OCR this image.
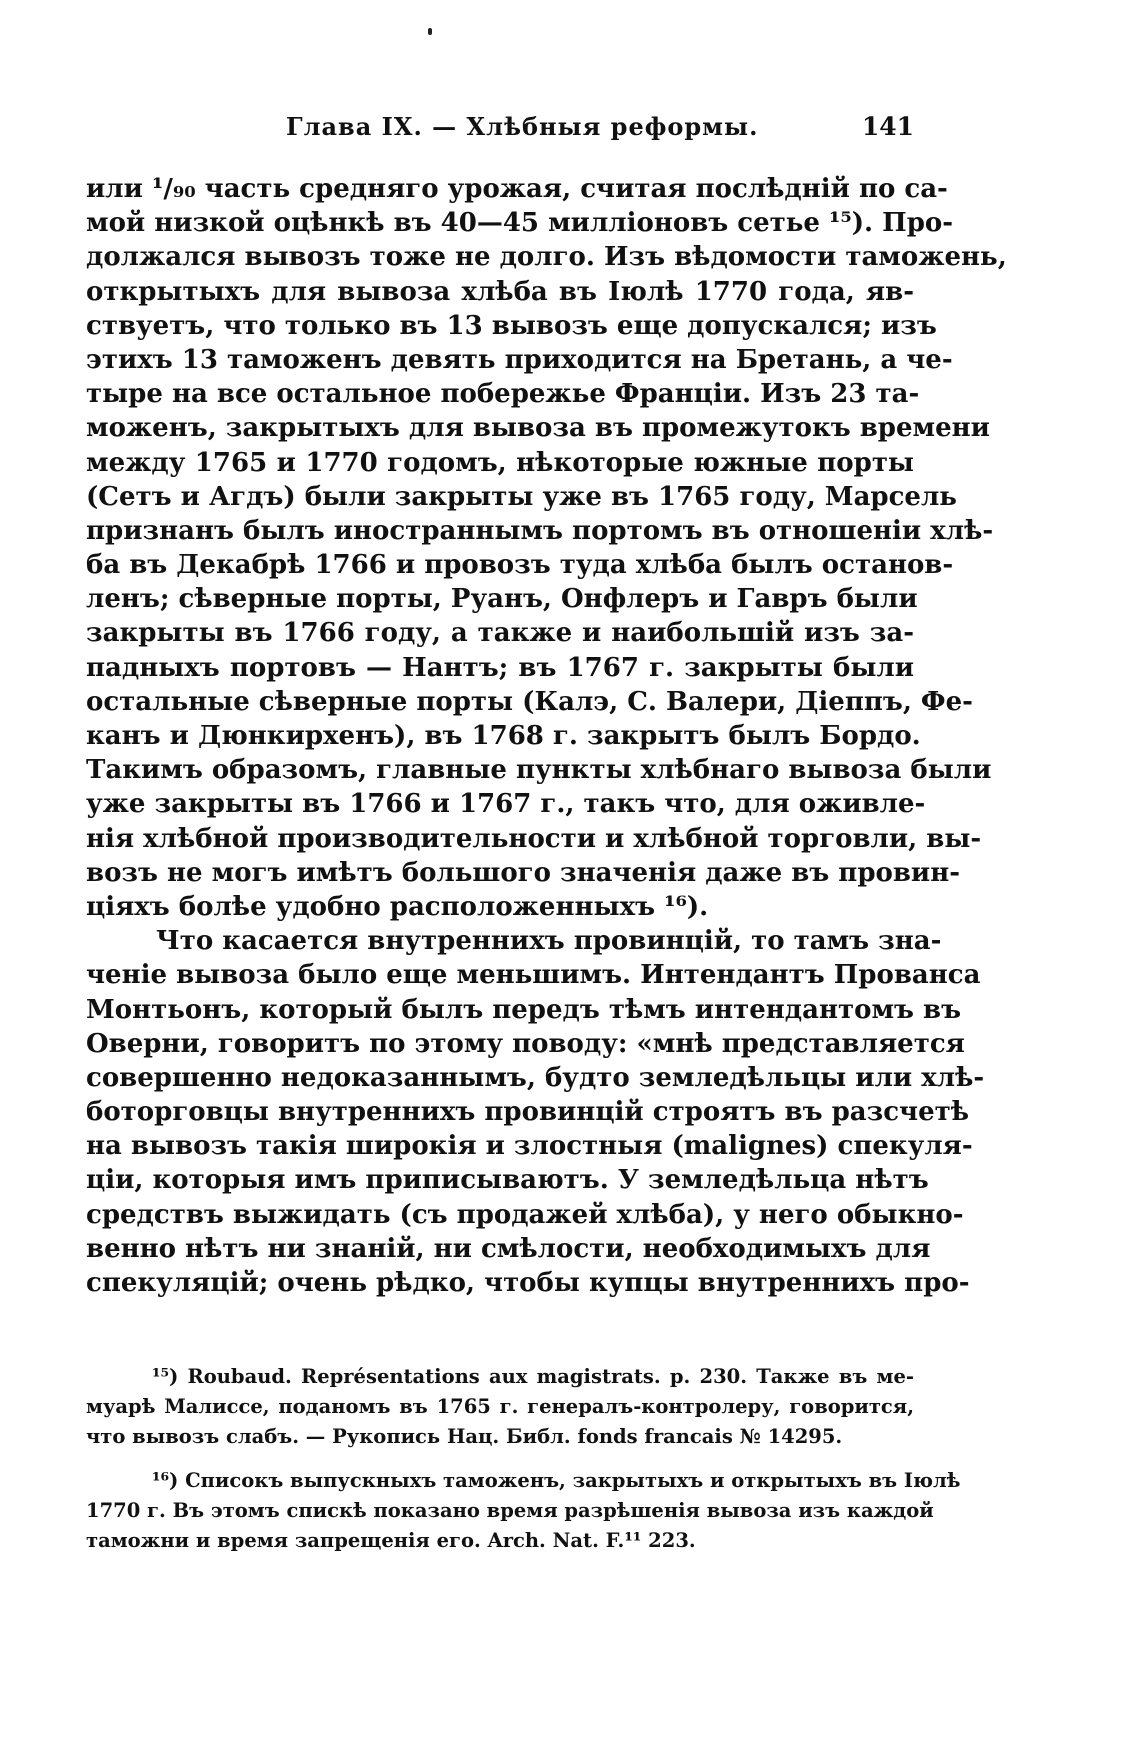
Глава IX. — Хлѣбныя реформы.	141
или ¹/₉₀ часть средняго урожая, считая послѣдній по са-
мой низкой оцѣнкѣ въ 40—45 милліоновъ сетье ¹⁵). Про-
должался вывозъ тоже не долго. Изъ вѣдомости таможень,
открытыхъ для вывоза хлѣба въ Іюлѣ 1770 года, яв-
ствуетъ, что только въ 13 вывозъ еще допускался; изъ
этихъ 13 таможенъ девять приходится на Бретань, а че-
тыре на все остальное побережье Франціи. Изъ 23 та-
моженъ, закрытыхъ для вывоза въ промежутокъ времени
между 1765 и 1770 годомъ, нѣкоторые южные порты
(Сетъ и Агдъ) были закрыты уже въ 1765 году, Марсель
признанъ былъ иностраннымъ портомъ въ отношеніи хлѣ-
ба въ Декабрѣ 1766 и провозъ туда хлѣба былъ останов-
ленъ; сѣверные порты, Руанъ, Онфлеръ и Гавръ были
закрыты въ 1766 году, а также и наибольшій изъ за-
падныхъ портовъ — Нантъ; въ 1767 г. закрыты были
остальные сѣверные порты (Калэ, С. Валери, Діеппъ, Фе-
канъ и Дюнкирхенъ), въ 1768 г. закрытъ былъ Бордо.
Такимъ образомъ, главные пункты хлѣбнаго вывоза были
уже закрыты въ 1766 и 1767 г., такъ что, для оживле-
нія хлѣбной производительности и хлѣбной торговли, вы-
возъ не могъ имѣтъ большого значенія даже въ провин-
ціяхъ болѣе удобно расположенныхъ ¹⁶).
Что касается внутреннихъ провинцій, то тамъ зна-
ченіе вывоза было еще меньшимъ. Интендантъ Прованса
Монтьонъ, который былъ передъ тѣмъ интендантомъ въ
Оверни, говоритъ по этому поводу: «мнѣ представляется
совершенно недоказаннымъ, будто земледѣльцы или хлѣ-
боторговцы внутреннихъ провинцій строятъ въ разсчетѣ
на вывозъ такія широкія и злостныя (malignes) спекуля-
ціи, которыя имъ приписываютъ. У земледѣльца нѣтъ
средствъ выжидать (съ продажей хлѣба), у него обыкно-
венно нѣтъ ни знаній, ни смѣлости, необходимыхъ для
спекуляцій; очень рѣдко, чтобы купцы внутреннихъ про-
¹⁵) Roubaud. Représentations aux magistrats. p. 230. Также въ ме-
муарѣ Малиссе, поданомъ въ 1765 г. генералъ-контролеру, говорится,
что вывозъ слабъ. — Рукопись Нац. Библ. fonds francais № 14295.
¹⁶) Списокъ выпускныхъ таможенъ, закрытыхъ и открытыхъ въ Іюлѣ
1770 г. Въ этомъ спискѣ показано время разрѣшенія вывоза изъ каждой
таможни и время запрещенія его. Arch. Nat. F.¹¹ 223.
